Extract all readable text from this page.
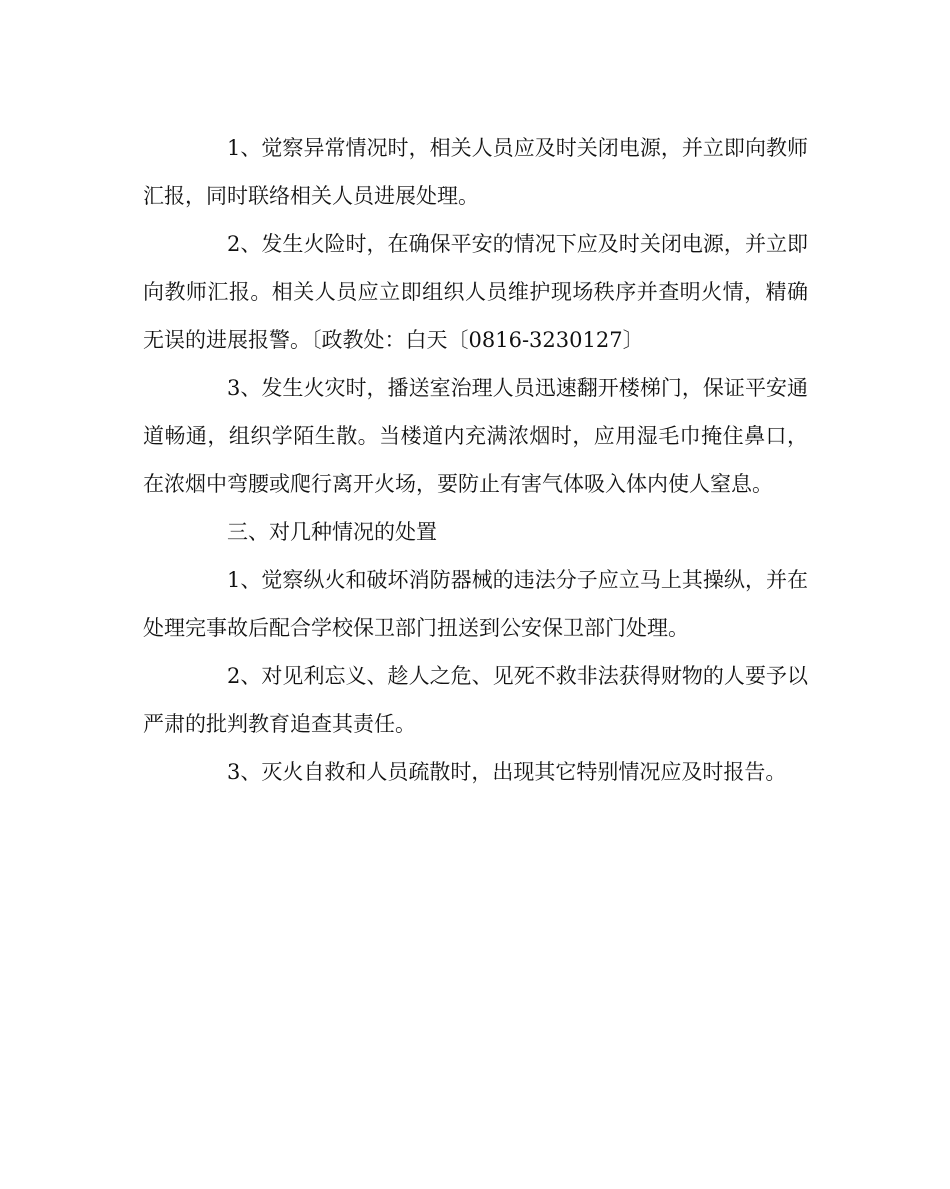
1、觉察异常情况时，相关人员应及时关闭电源，并立即向教师汇报，同时联络相关人员进展处理。

2、发生火险时，在确保平安的情况下应及时关闭电源，并立即向教师汇报。相关人员应立即组织人员维护现场秩序并查明火情，精确无误的进展报警。〔政教处：白天〔0816-3230127〕

3、发生火灾时，播送室治理人员迅速翻开楼梯门，保证平安通道畅通，组织学陌生散。当楼道内充满浓烟时，应用湿毛巾掩住鼻口，在浓烟中弯腰或爬行离开火场，要防止有害气体吸入体内使人窒息。

三、对几种情况的处置

1、觉察纵火和破坏消防器械的违法分子应立马上其操纵，并在处理完事故后配合学校保卫部门扭送到公安保卫部门处理。

2、对见利忘义、趁人之危、见死不救非法获得财物的人要予以严肃的批判教育追查其责任。

3、灭火自救和人员疏散时，出现其它特别情况应及时报告。
